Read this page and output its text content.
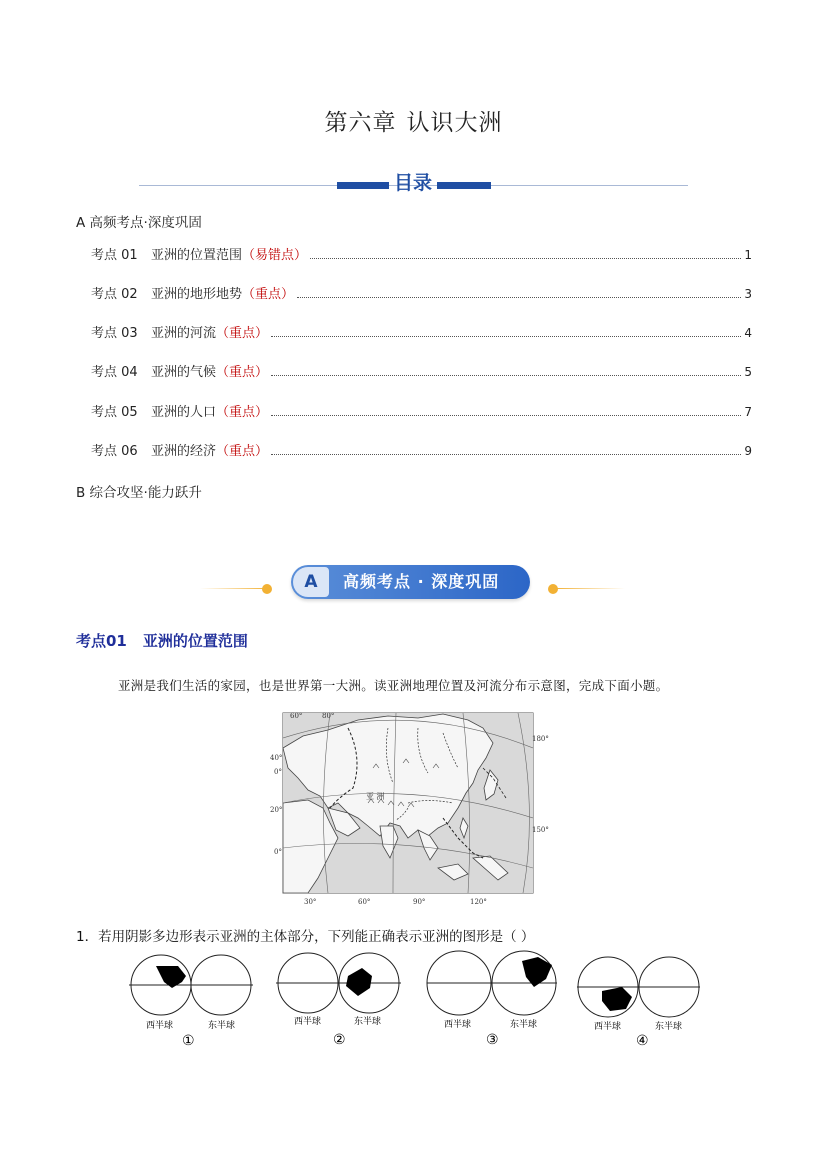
第六章 认识大洲
目录
A 高频考点·深度巩固
考点 01	亚洲的位置范围 （易错点）	1
考点 02	亚洲的地形地势 （重点）	3
考点 03	亚洲的河流 （重点）	4
考点 04	亚洲的气候 （重点）	5
考点 05	亚洲的人口 （重点）	7
考点 06	亚洲的经济 （重点）	9
B 综合攻坚·能力跃升
A	高频考点 · 深度巩固
考点01 亚洲的位置范围
亚洲是我们生活的家园，也是世界第一大洲。读亚洲地理位置及河流分布示意图，完成下面小题。
亚 洲
60°	80°
40°
0°
20°
0°
180°
150°
30°	60°	90°	120°
1．若用阴影多边形表示亚洲的主体部分，下列能正确表示亚洲的图形是（ ）
西半球	东半球
①
西半球	东半球
②
西半球	东半球
③
西半球	东半球
④
